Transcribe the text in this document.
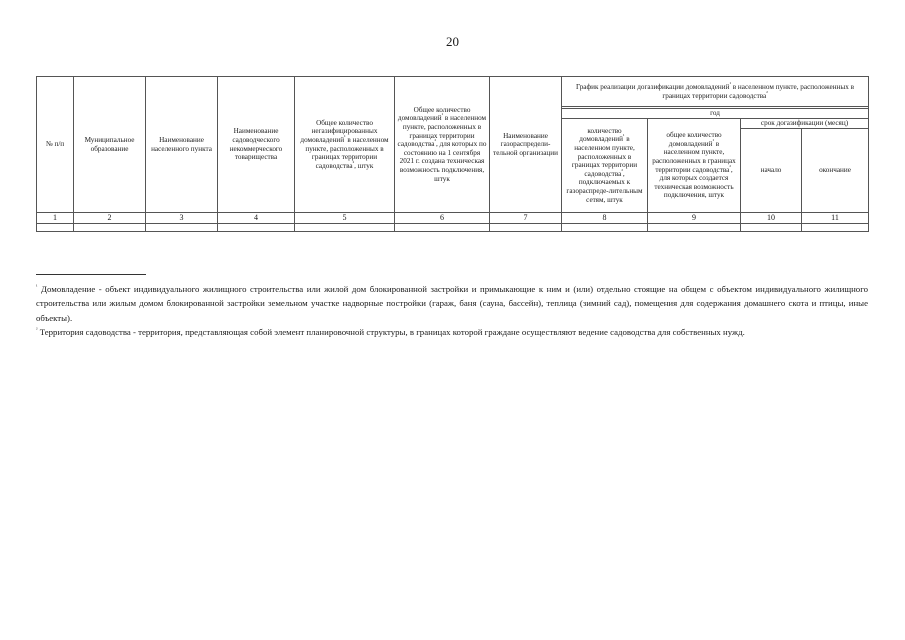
20
№ п/п	Муниципальное образование	Наименование населенного пункта	Наименование садоводческого некоммерческого товарищества	Общее количество негазифицированных домовладений$^{^1}$ в населенном пункте, расположенных в границах территории садоводства$^{^2}$, штук	Общее количество домовладений$^{^1}$ в населенном пункте, расположенных в границах территории садоводства$^{^2}$, для которых по состоянию на 1 сентября 2021 г. создана техническая возможность подключения, штук	Наименование газораспредели-тельной организации	График реализации догазификации домовладений$^{^1}$ в населенном пункте, расположенных в границах территории садоводства$^{^2}$

							год			
							количество домовладений$^{^1}$ в населенном пункте, расположенных в границах территории садоводства$^{^2}$, подключаемых к газораспреде-лительным сетям, штук	общее количество домовладений$^{^1}$ в населенном пункте, расположенных в границах территории садоводства$^{^2}$, для которых создается техническая возможность подключения, штук	срок догазификации (месяц)	
									начало	окончание
1	2	3	4	5	6	7	8	9	10	11

$^{^1}$ Домовладение - объект индивидуального жилищного строительства или жилой дом блокированной застройки и примыкающие к ним и (или) отдельно стоящие на общем с объектом индивидуального жилищного строительства или жилым домом блокированной застройки земельном участке надворные постройки (гараж, баня (сауна, бассейн), теплица (зимний сад), помещения для содержания домашнего скота и птицы, иные объекты).

$^{^2}$ Территория садоводства - территория, представляющая собой элемент планировочной структуры, в границах которой граждане осуществляют ведение садоводства для собственных нужд.
